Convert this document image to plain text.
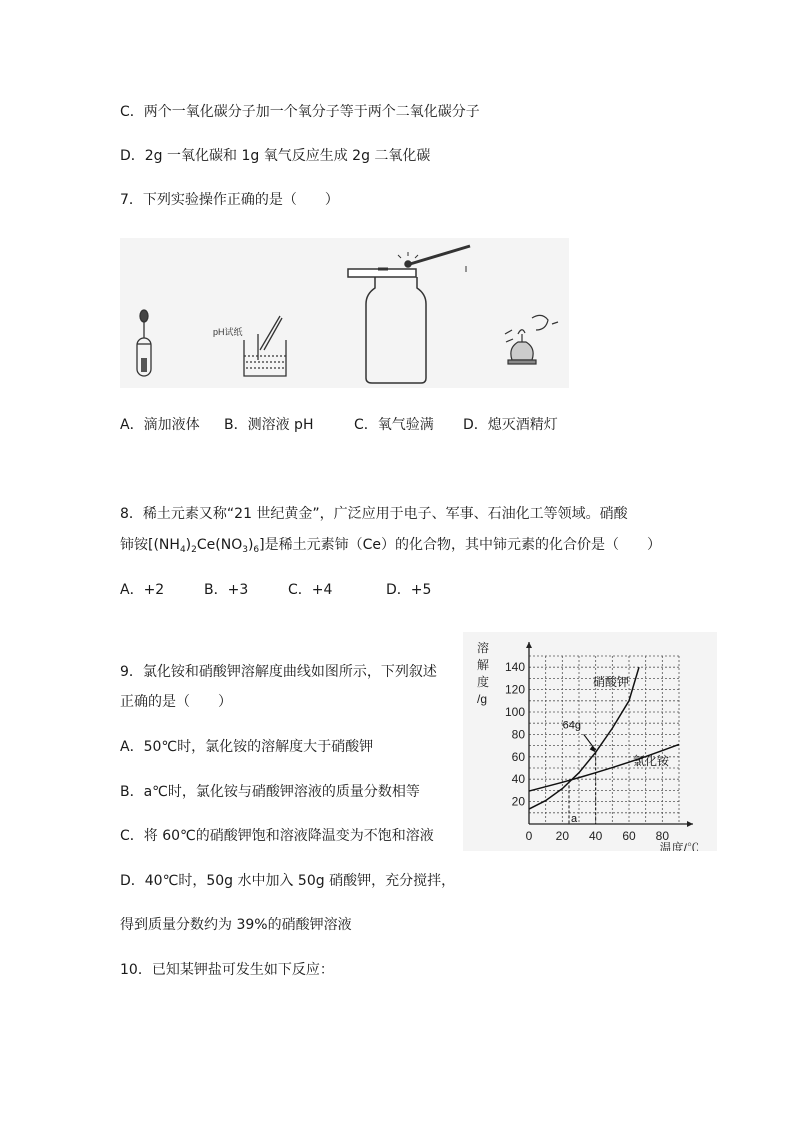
C．两个一氧化碳分子加一个氧分子等于两个二氧化碳分子
D．2g 一氧化碳和 1g 氧气反应生成 2g 二氧化碳
7．下列实验操作正确的是（　　）
pH试纸
A．滴加液体 B．测溶液 pH	C．氧气验满 D．熄灭酒精灯
8．稀土元素又称“21 世纪黄金”，广泛应用于电子、军事、石油化工等领域。硝酸
铈铵$[(NH_4)_2Ce(NO_3)_6]$是稀土元素铈（Ce）的化合物，其中铈元素的化合价是（　　）
A．+2	B．+3	C．+4	D．+5
9．氯化铵和硝酸钾溶解度曲线如图所示，下列叙述
正确的是（　　）
A．50℃时，氯化铵的溶解度大于硝酸钾
B．a℃时，氯化铵与硝酸钾溶液的质量分数相等
C．将 60℃的硝酸钾饱和溶液降温变为不饱和溶液
D．40℃时，50g 水中加入 50g 硝酸钾，充分搅拌，
得到质量分数约为 39%的硝酸钾溶液
0 20 40 60 80
20
40
60
80
100
120
140
溶
解
度
/g
温度/℃
硝酸钾
氯化铵
64g
a
10．已知某钾盐可发生如下反应：
